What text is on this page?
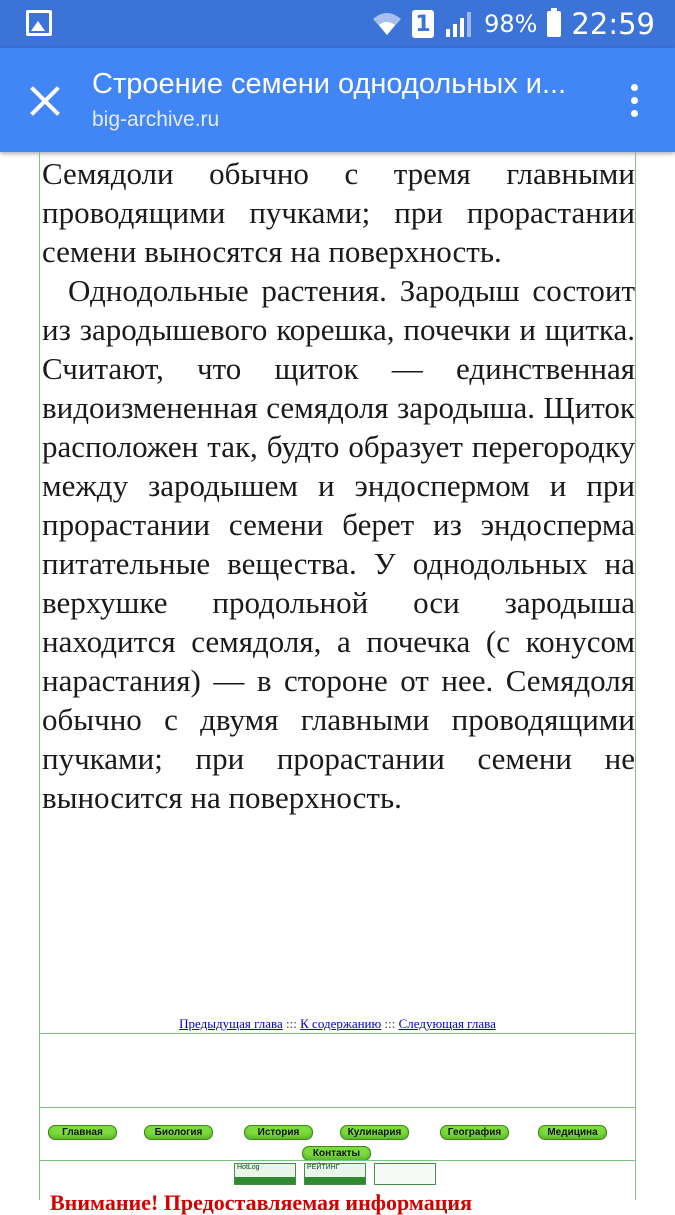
1 98% 22:59
Строение семени однодольных и...
big-archive.ru

Семядоли обычно с тремя главными проводящими пучками; при прорастании семени выносятся на поверхность.

Однодольные растения. Зародыш состоит из зародышевого корешка, почечки и щитка. Считают, что щиток — единственная видоизмененная семядоля зародыша. Щиток расположен так, будто образует перегородку между зародышем и эндоспермом и при прорастании семени берет из эндосперма питательные вещества. У однодольных на верхушке продольной оси зародыша находится семядоля, а почечка (с конусом нарастания) — в стороне от нее. Семядоля обычно с двумя главными проводящими пучками; при прорастании семени не выносится на поверхность.

Предыдущая глава ::: К содержанию ::: Следующая глава
Главная	Биология	История	Кулинария	География	Медицина
Контакты
HotLog	РЕЙТИНГ
Внимание! Предоставляемая информация
